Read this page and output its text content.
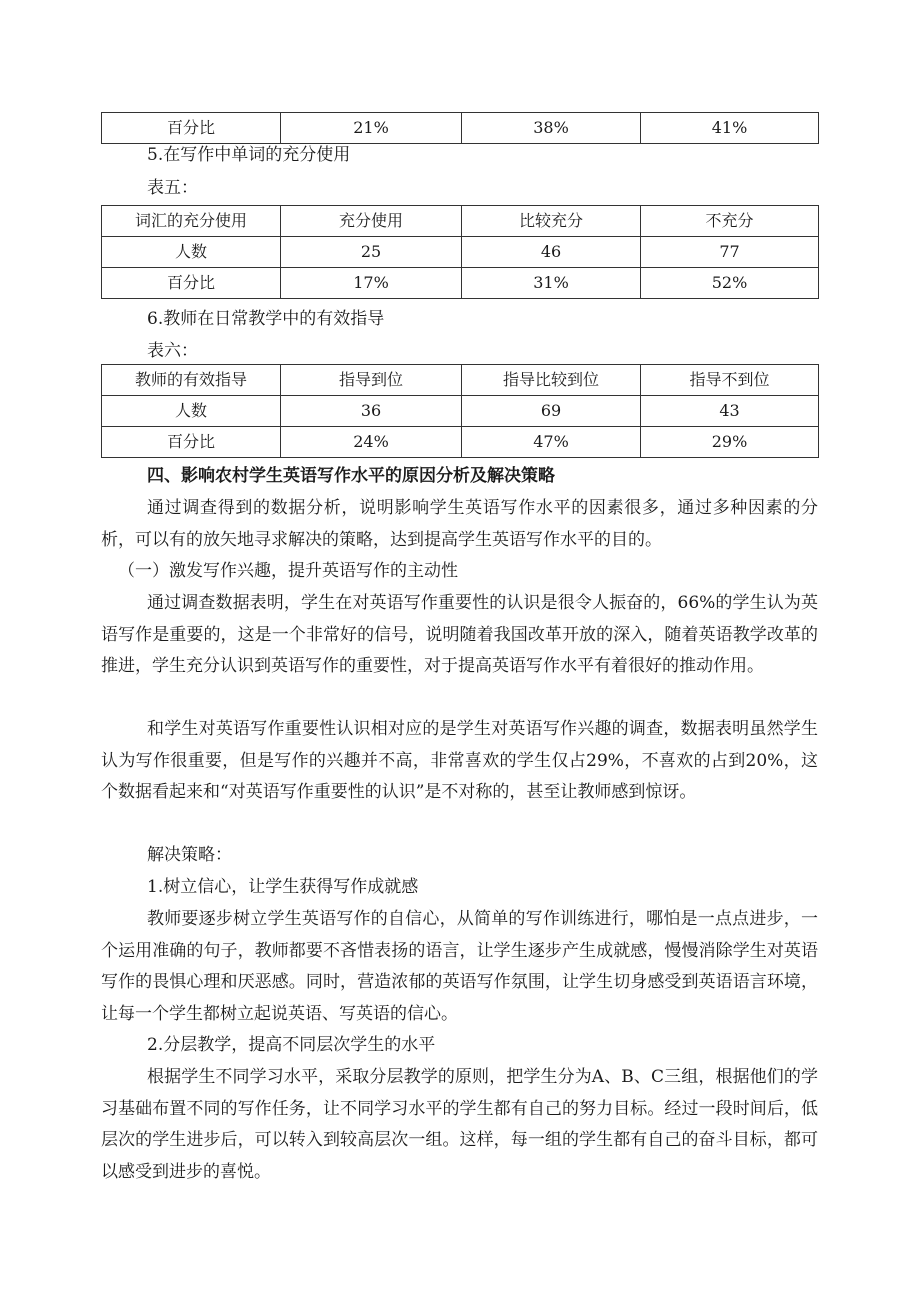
百分比	21%	38%	41%
5.在写作中单词的充分使用
表五：
词汇的充分使用	充分使用	比较充分	不充分
人数	25	46	77
百分比	17%	31%	52%
6.教师在日常教学中的有效指导
表六：
教师的有效指导	指导到位	指导比较到位	指导不到位
人数	36	69	43
百分比	24%	47%	29%
四、影响农村学生英语写作水平的原因分析及解决策略
通过调查得到的数据分析，说明影响学生英语写作水平的因素很多，通过多种因素的分析，可以有的放矢地寻求解决的策略，达到提高学生英语写作水平的目的。
（一）激发写作兴趣，提升英语写作的主动性
通过调查数据表明，学生在对英语写作重要性的认识是很令人振奋的，66%的学生认为英语写作是重要的，这是一个非常好的信号，说明随着我国改革开放的深入，随着英语教学改革的推进，学生充分认识到英语写作的重要性，对于提高英语写作水平有着很好的推动作用。
和学生对英语写作重要性认识相对应的是学生对英语写作兴趣的调查，数据表明虽然学生认为写作很重要，但是写作的兴趣并不高，非常喜欢的学生仅占29%，不喜欢的占到20%，这个数据看起来和“对英语写作重要性的认识”是不对称的，甚至让教师感到惊讶。
解决策略：
1.树立信心，让学生获得写作成就感
教师要逐步树立学生英语写作的自信心，从简单的写作训练进行，哪怕是一点点进步，一个运用准确的句子，教师都要不吝惜表扬的语言，让学生逐步产生成就感，慢慢消除学生对英语写作的畏惧心理和厌恶感。同时，营造浓郁的英语写作氛围，让学生切身感受到英语语言环境，让每一个学生都树立起说英语、写英语的信心。
2.分层教学，提高不同层次学生的水平
根据学生不同学习水平，采取分层教学的原则，把学生分为A、B、C三组，根据他们的学习基础布置不同的写作任务，让不同学习水平的学生都有自己的努力目标。经过一段时间后，低层次的学生进步后，可以转入到较高层次一组。这样，每一组的学生都有自己的奋斗目标，都可以感受到进步的喜悦。
